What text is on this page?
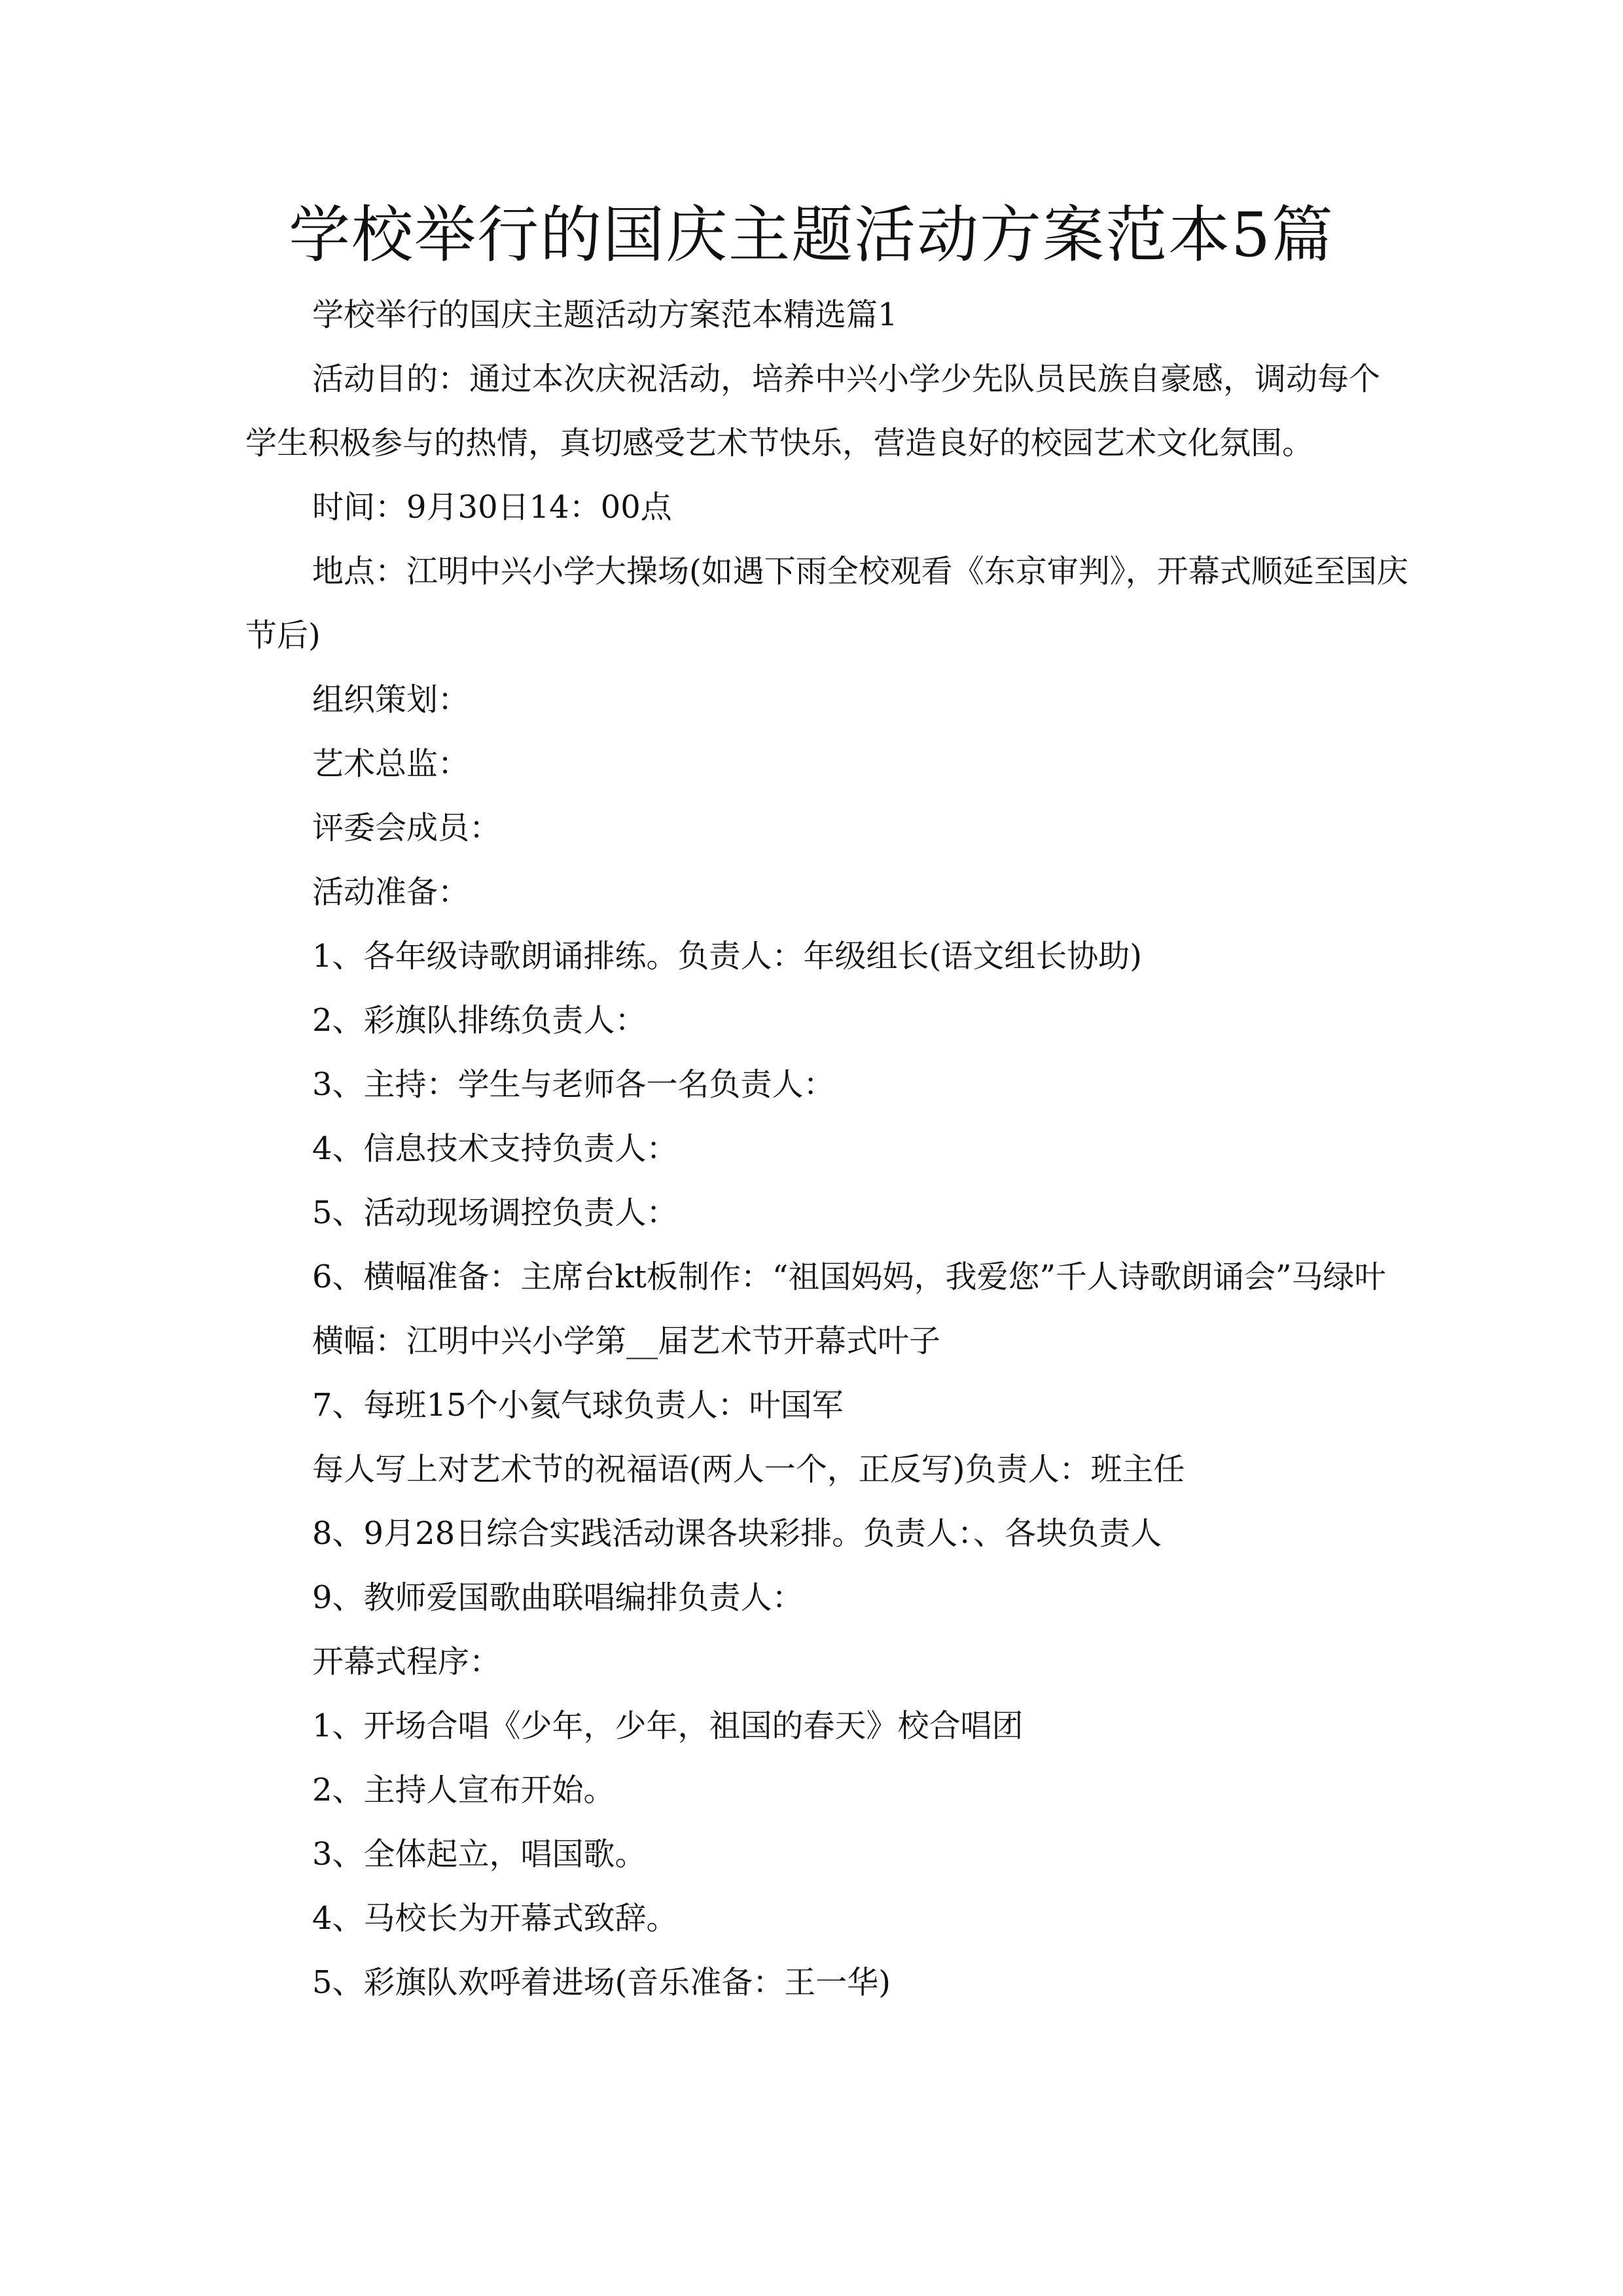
学校举行的国庆主题活动方案范本5篇

学校举行的国庆主题活动方案范本精选篇1

活动目的：通过本次庆祝活动，培养中兴小学少先队员民族自豪感，调动每个学生积极参与的热情，真切感受艺术节快乐，营造良好的校园艺术文化氛围。

时间：9月30日14：00点

地点：江明中兴小学大操场(如遇下雨全校观看《东京审判》，开幕式顺延至国庆节后)

组织策划：

艺术总监：

评委会成员：

活动准备：

1、各年级诗歌朗诵排练。负责人：年级组长(语文组长协助)

2、彩旗队排练负责人：

3、主持：学生与老师各一名负责人：

4、信息技术支持负责人：

5、活动现场调控负责人：

6、横幅准备：主席台kt板制作：“祖国妈妈，我爱您”千人诗歌朗诵会”马绿叶

横幅：江明中兴小学第__届艺术节开幕式叶子

7、每班15个小氦气球负责人：叶国军

每人写上对艺术节的祝福语(两人一个，正反写)负责人：班主任

8、9月28日综合实践活动课各块彩排。负责人：、各块负责人

9、教师爱国歌曲联唱编排负责人：

开幕式程序：

1、开场合唱《少年，少年，祖国的春天》校合唱团

2、主持人宣布开始。

3、全体起立，唱国歌。

4、马校长为开幕式致辞。

5、彩旗队欢呼着进场(音乐准备：王一华)
